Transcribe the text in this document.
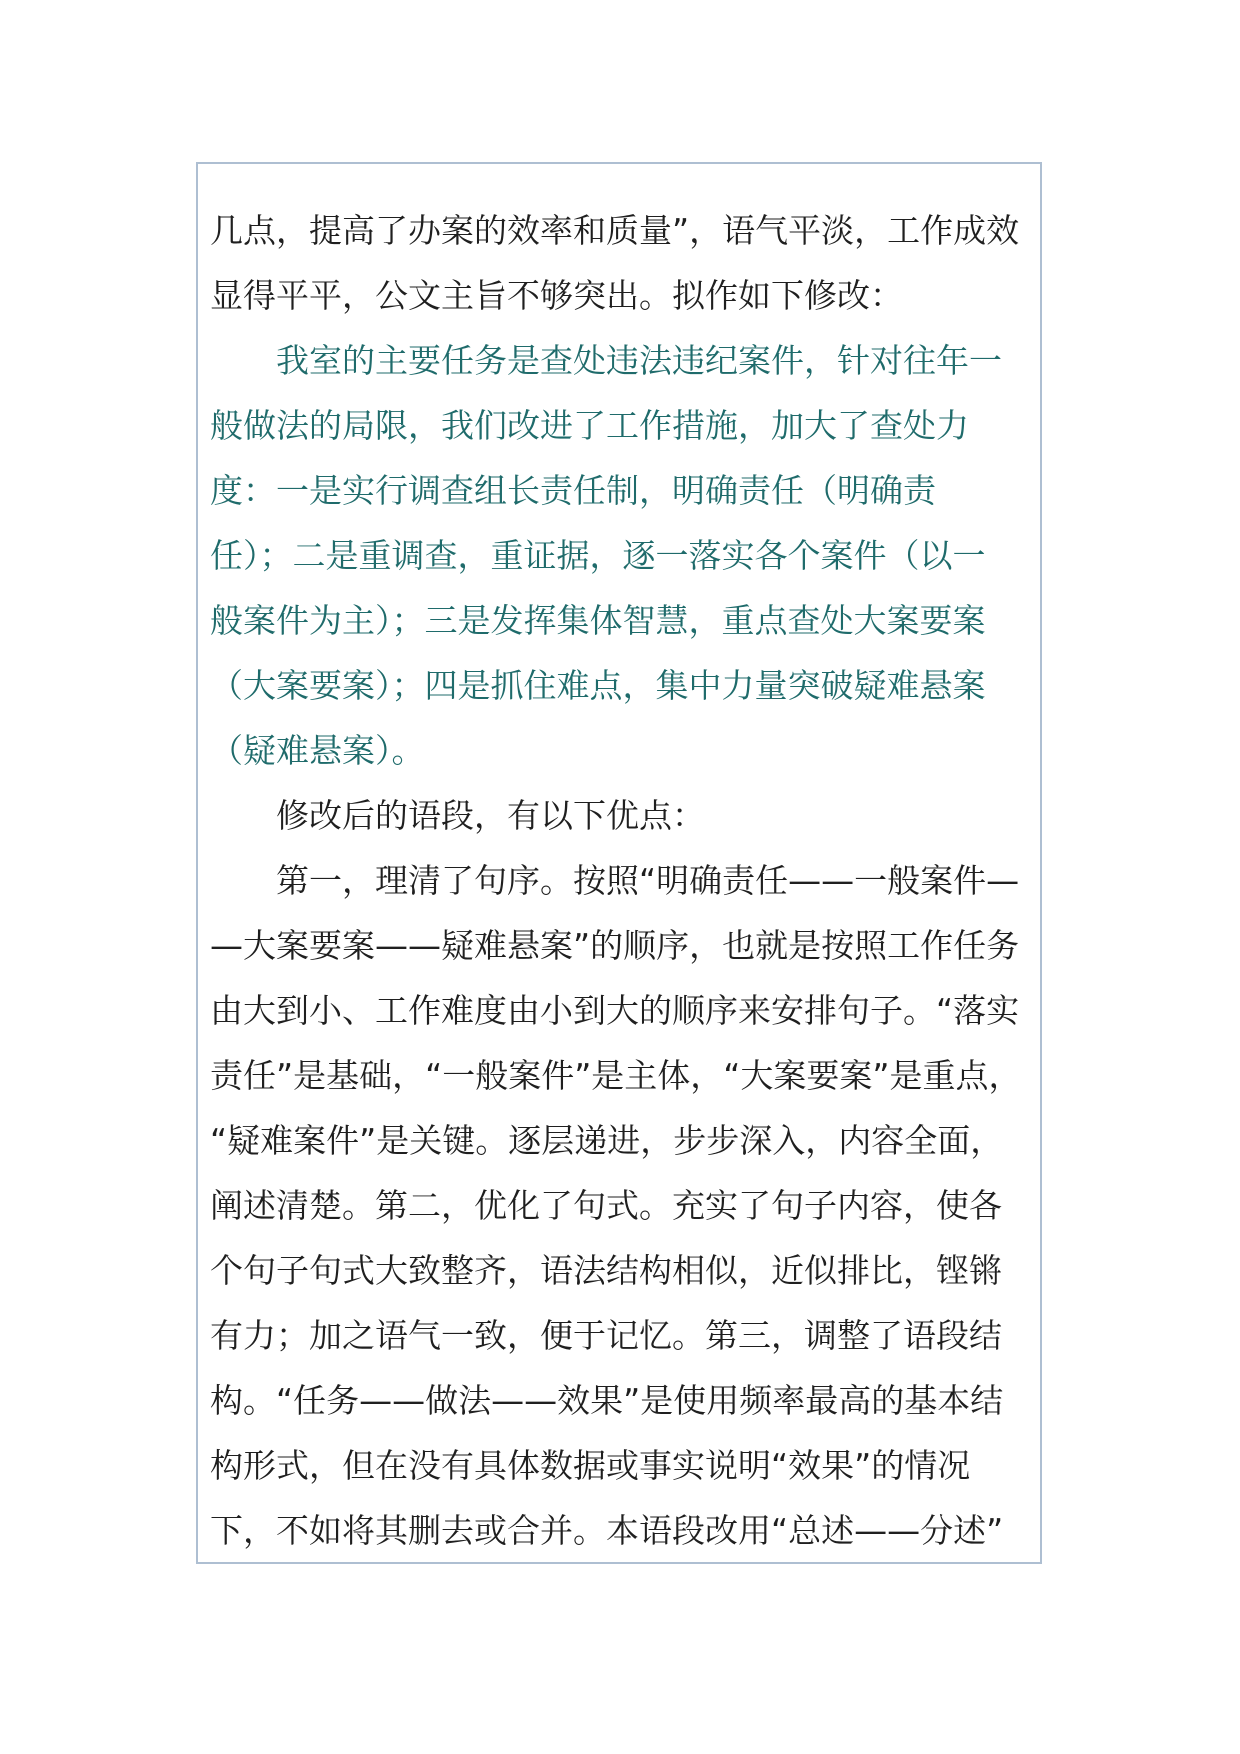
几点，提高了办案的效率和质量”，语气平淡，工作成效
显得平平，公文主旨不够突出。拟作如下修改：
我室的主要任务是查处违法违纪案件，针对往年一
般做法的局限，我们改进了工作措施，加大了查处力
度：一是实行调查组长责任制，明确责任（明确责
任）；二是重调查，重证据，逐一落实各个案件（以一
般案件为主）；三是发挥集体智慧，重点查处大案要案
（大案要案）；四是抓住难点，集中力量突破疑难悬案
（疑难悬案）。
修改后的语段，有以下优点：
第一，理清了句序。按照“明确责任——一般案件—
—大案要案——疑难悬案”的顺序，也就是按照工作任务
由大到小、工作难度由小到大的顺序来安排句子。“落实
责任”是基础，“一般案件”是主体，“大案要案”是重点，
“疑难案件”是关键。逐层递进，步步深入，内容全面，
阐述清楚。第二，优化了句式。充实了句子内容，使各
个句子句式大致整齐，语法结构相似，近似排比，铿锵
有力；加之语气一致，便于记忆。第三，调整了语段结
构。“任务——做法——效果”是使用频率最高的基本结
构形式，但在没有具体数据或事实说明“效果”的情况
下，不如将其删去或合并。本语段改用“总述——分述”
